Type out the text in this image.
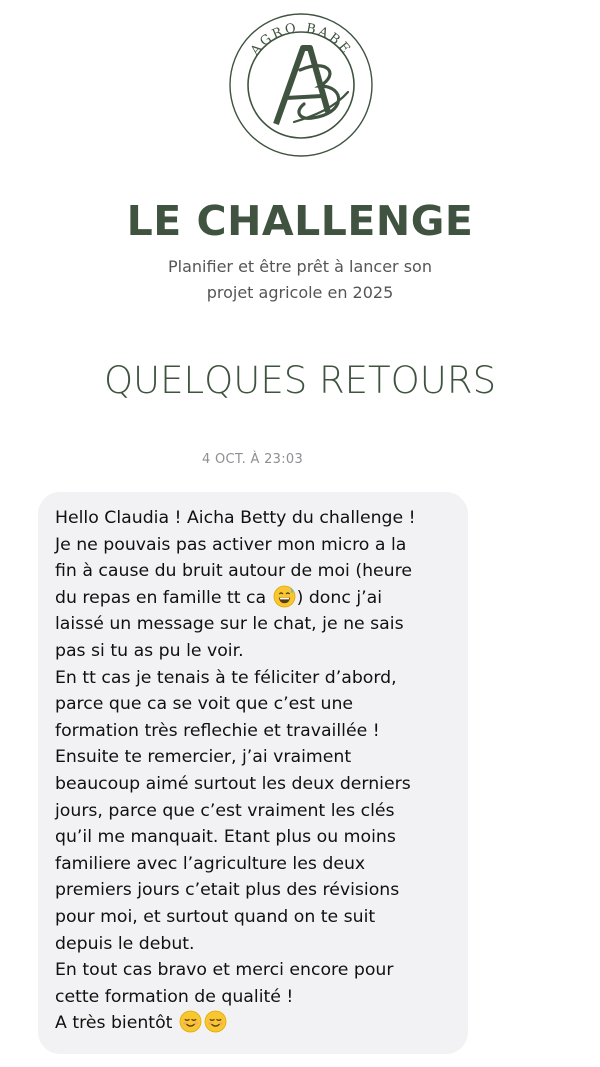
AGRO BABE
LE CHALLENGE

Planifier et être prêt à lancer son
projet agricole en 2025

QUELQUES RETOURS
4 OCT. À 23:03
Hello Claudia ! Aicha Betty du challenge !
Je ne pouvais pas activer mon micro a la
fin à cause du bruit autour de moi (heure
du repas en famille tt ca ) donc j’ai
laissé un message sur le chat, je ne sais
pas si tu as pu le voir.
En tt cas je tenais à te féliciter d’abord,
parce que ca se voit que c’est une
formation très reflechie et travaillée !
Ensuite te remercier, j’ai vraiment
beaucoup aimé surtout les deux derniers
jours, parce que c’est vraiment les clés
qu’il me manquait. Etant plus ou moins
familiere avec l’agriculture les deux
premiers jours c’etait plus des révisions
pour moi, et surtout quand on te suit
depuis le debut.
En tout cas bravo et merci encore pour
cette formation de qualité !
A très bientôt
